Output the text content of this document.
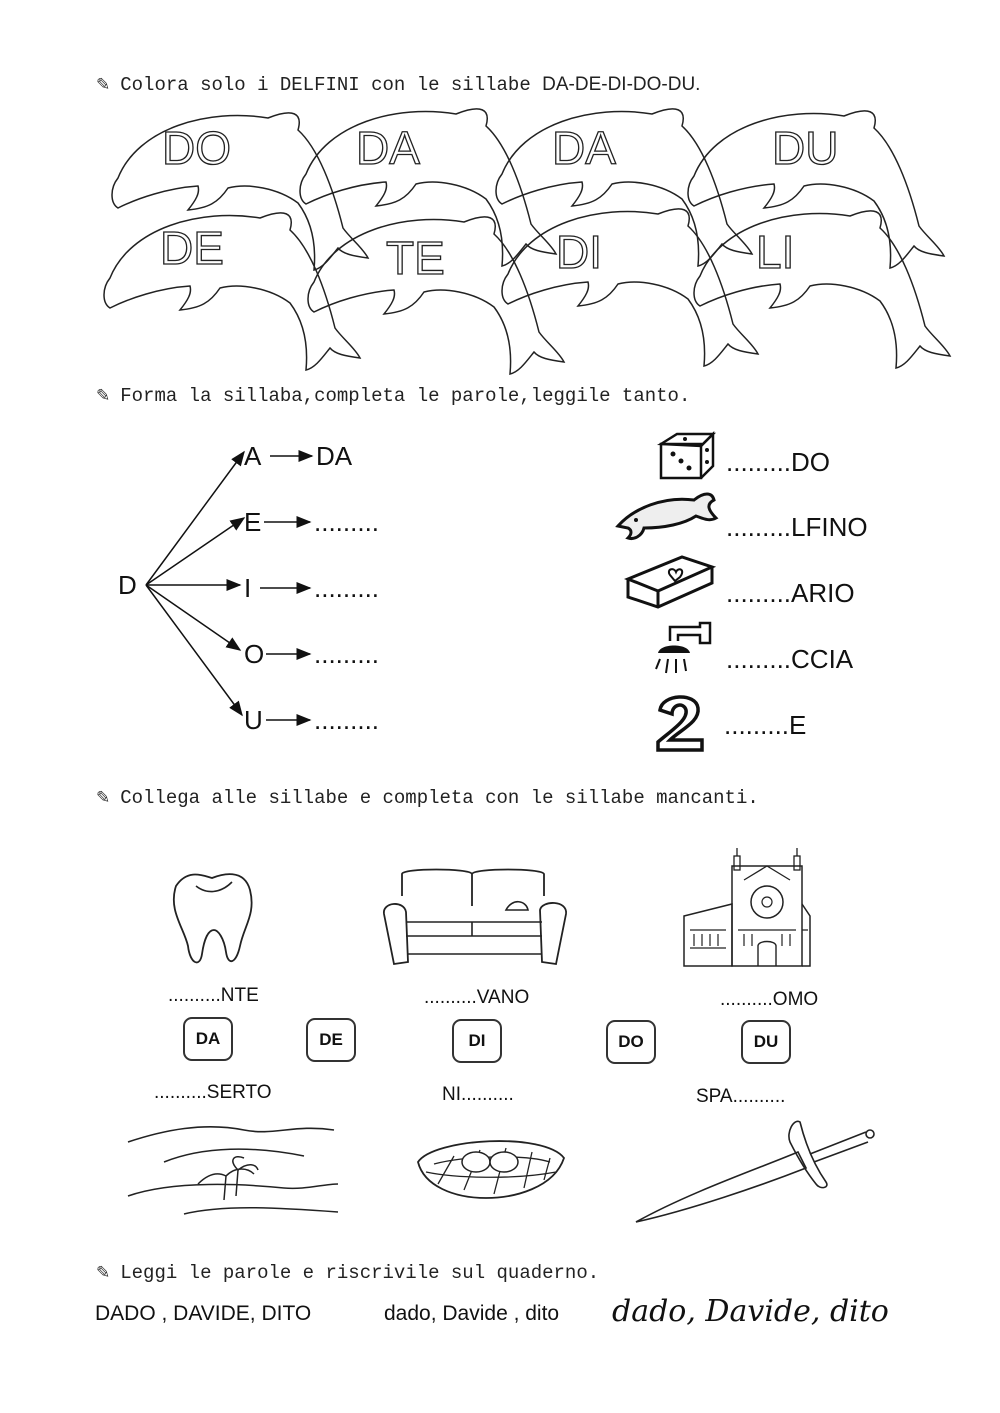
✎ Colora solo i DELFINI con le sillabe DA-DE-DI-DO-DU.
DO	DA	DA	DU
DE	TE DI	LI
✎ Forma la sillaba,completa le parole,leggile tanto.
D
A DA
E .........
I .........
O .........
U .........
.........DO
.........LFINO
.........ARIO
.........CCIA
.........E
✎ Collega alle sillabe e completa con le sillabe mancanti.
..........NTE	..........VANO	..........OMO
DA	DE	DI	DO	DU
..........SERTO	NI..........	SPA..........
✎ Leggi le parole e riscrivile sul quaderno.
DADO , DAVIDE, DITO	dado, Davide , dito dado, Davide, dito
